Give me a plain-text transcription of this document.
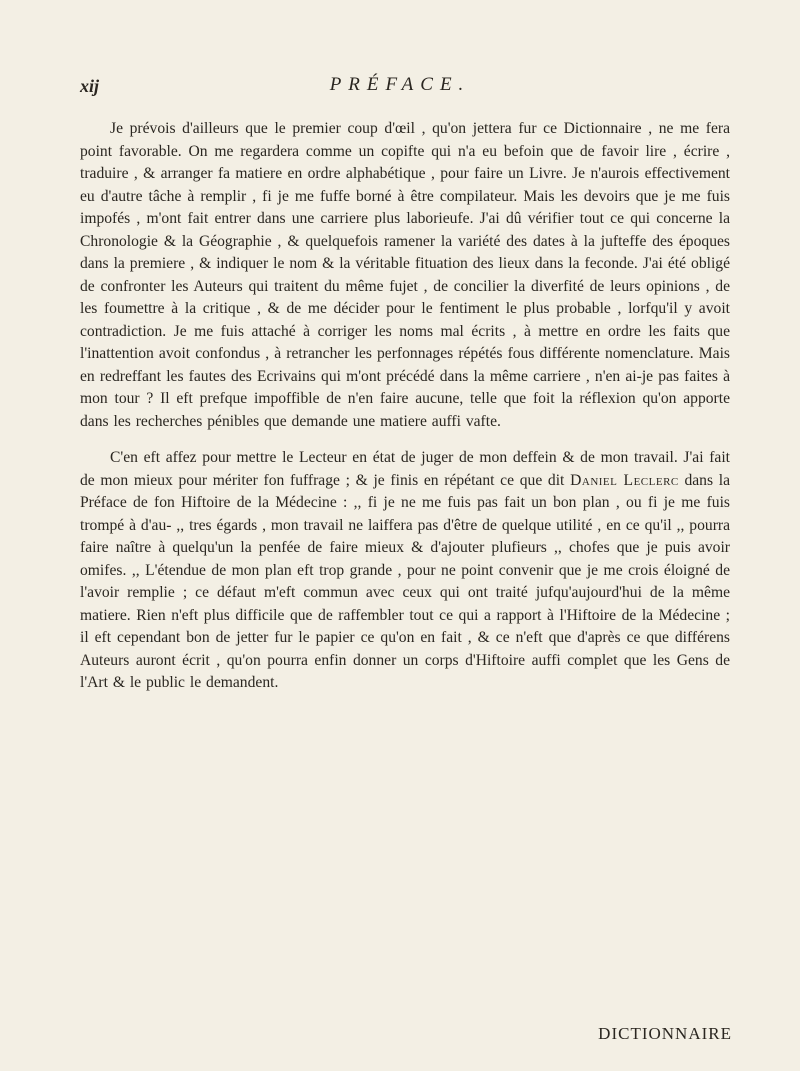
xij	PRÉFACE.

Je prévois d'ailleurs que le premier coup d'œil , qu'on jettera fur ce Dictionnaire , ne me fera point favorable. On me regardera comme un copifte qui n'a eu befoin que de favoir lire , écrire , traduire , & arranger fa matiere en ordre alphabétique , pour faire un Livre. Je n'aurois effectivement eu d'autre tâche à remplir , fi je me fuffe borné à être compilateur. Mais les devoirs que je me fuis impofés , m'ont fait entrer dans une carriere plus laborieufe. J'ai dû vérifier tout ce qui concerne la Chronologie & la Géographie , & quelquefois ramener la variété des dates à la jufteffe des époques dans la premiere , & indiquer le nom & la véritable fituation des lieux dans la feconde. J'ai été obligé de confronter les Auteurs qui traitent du même fujet , de concilier la diverfité de leurs opinions , de les foumettre à la critique , & de me décider pour le fentiment le plus probable , lorfqu'il y avoit contradiction. Je me fuis attaché à corriger les noms mal écrits , à mettre en ordre les faits que l'inattention avoit confondus , à retrancher les perfonnages répétés fous différente nomenclature. Mais en redreffant les fautes des Ecrivains qui m'ont précédé dans la même carriere , n'en ai-je pas faites à mon tour ? Il eft prefque impoffible de n'en faire aucune, telle que foit la réflexion qu'on apporte dans les recherches pénibles que demande une matiere auffi vafte.

C'en eft affez pour mettre le Lecteur en état de juger de mon deffein & de mon travail. J'ai fait de mon mieux pour mériter fon fuffrage ; & je finis en répétant ce que dit Daniel Leclerc dans la Préface de fon Hiftoire de la Médecine : ,, fi je ne me fuis pas fait un bon plan , ou fi je me fuis trompé à d'au- ,, tres égards , mon travail ne laiffera pas d'être de quelque utilité , en ce qu'il ,, pourra faire naître à quelqu'un la penfée de faire mieux & d'ajouter plufieurs ,, chofes que je puis avoir omifes. ,, L'étendue de mon plan eft trop grande , pour ne point convenir que je me crois éloigné de l'avoir remplie ; ce défaut m'eft commun avec ceux qui ont traité jufqu'aujourd'hui de la même matiere. Rien n'eft plus difficile que de raffembler tout ce qui a rapport à l'Hiftoire de la Médecine ; il eft cependant bon de jetter fur le papier ce qu'on en fait , & ce n'eft que d'après ce que différens Auteurs auront écrit , qu'on pourra enfin donner un corps d'Hiftoire auffi complet que les Gens de l'Art & le public le demandent.

DICTIONNAIRE
